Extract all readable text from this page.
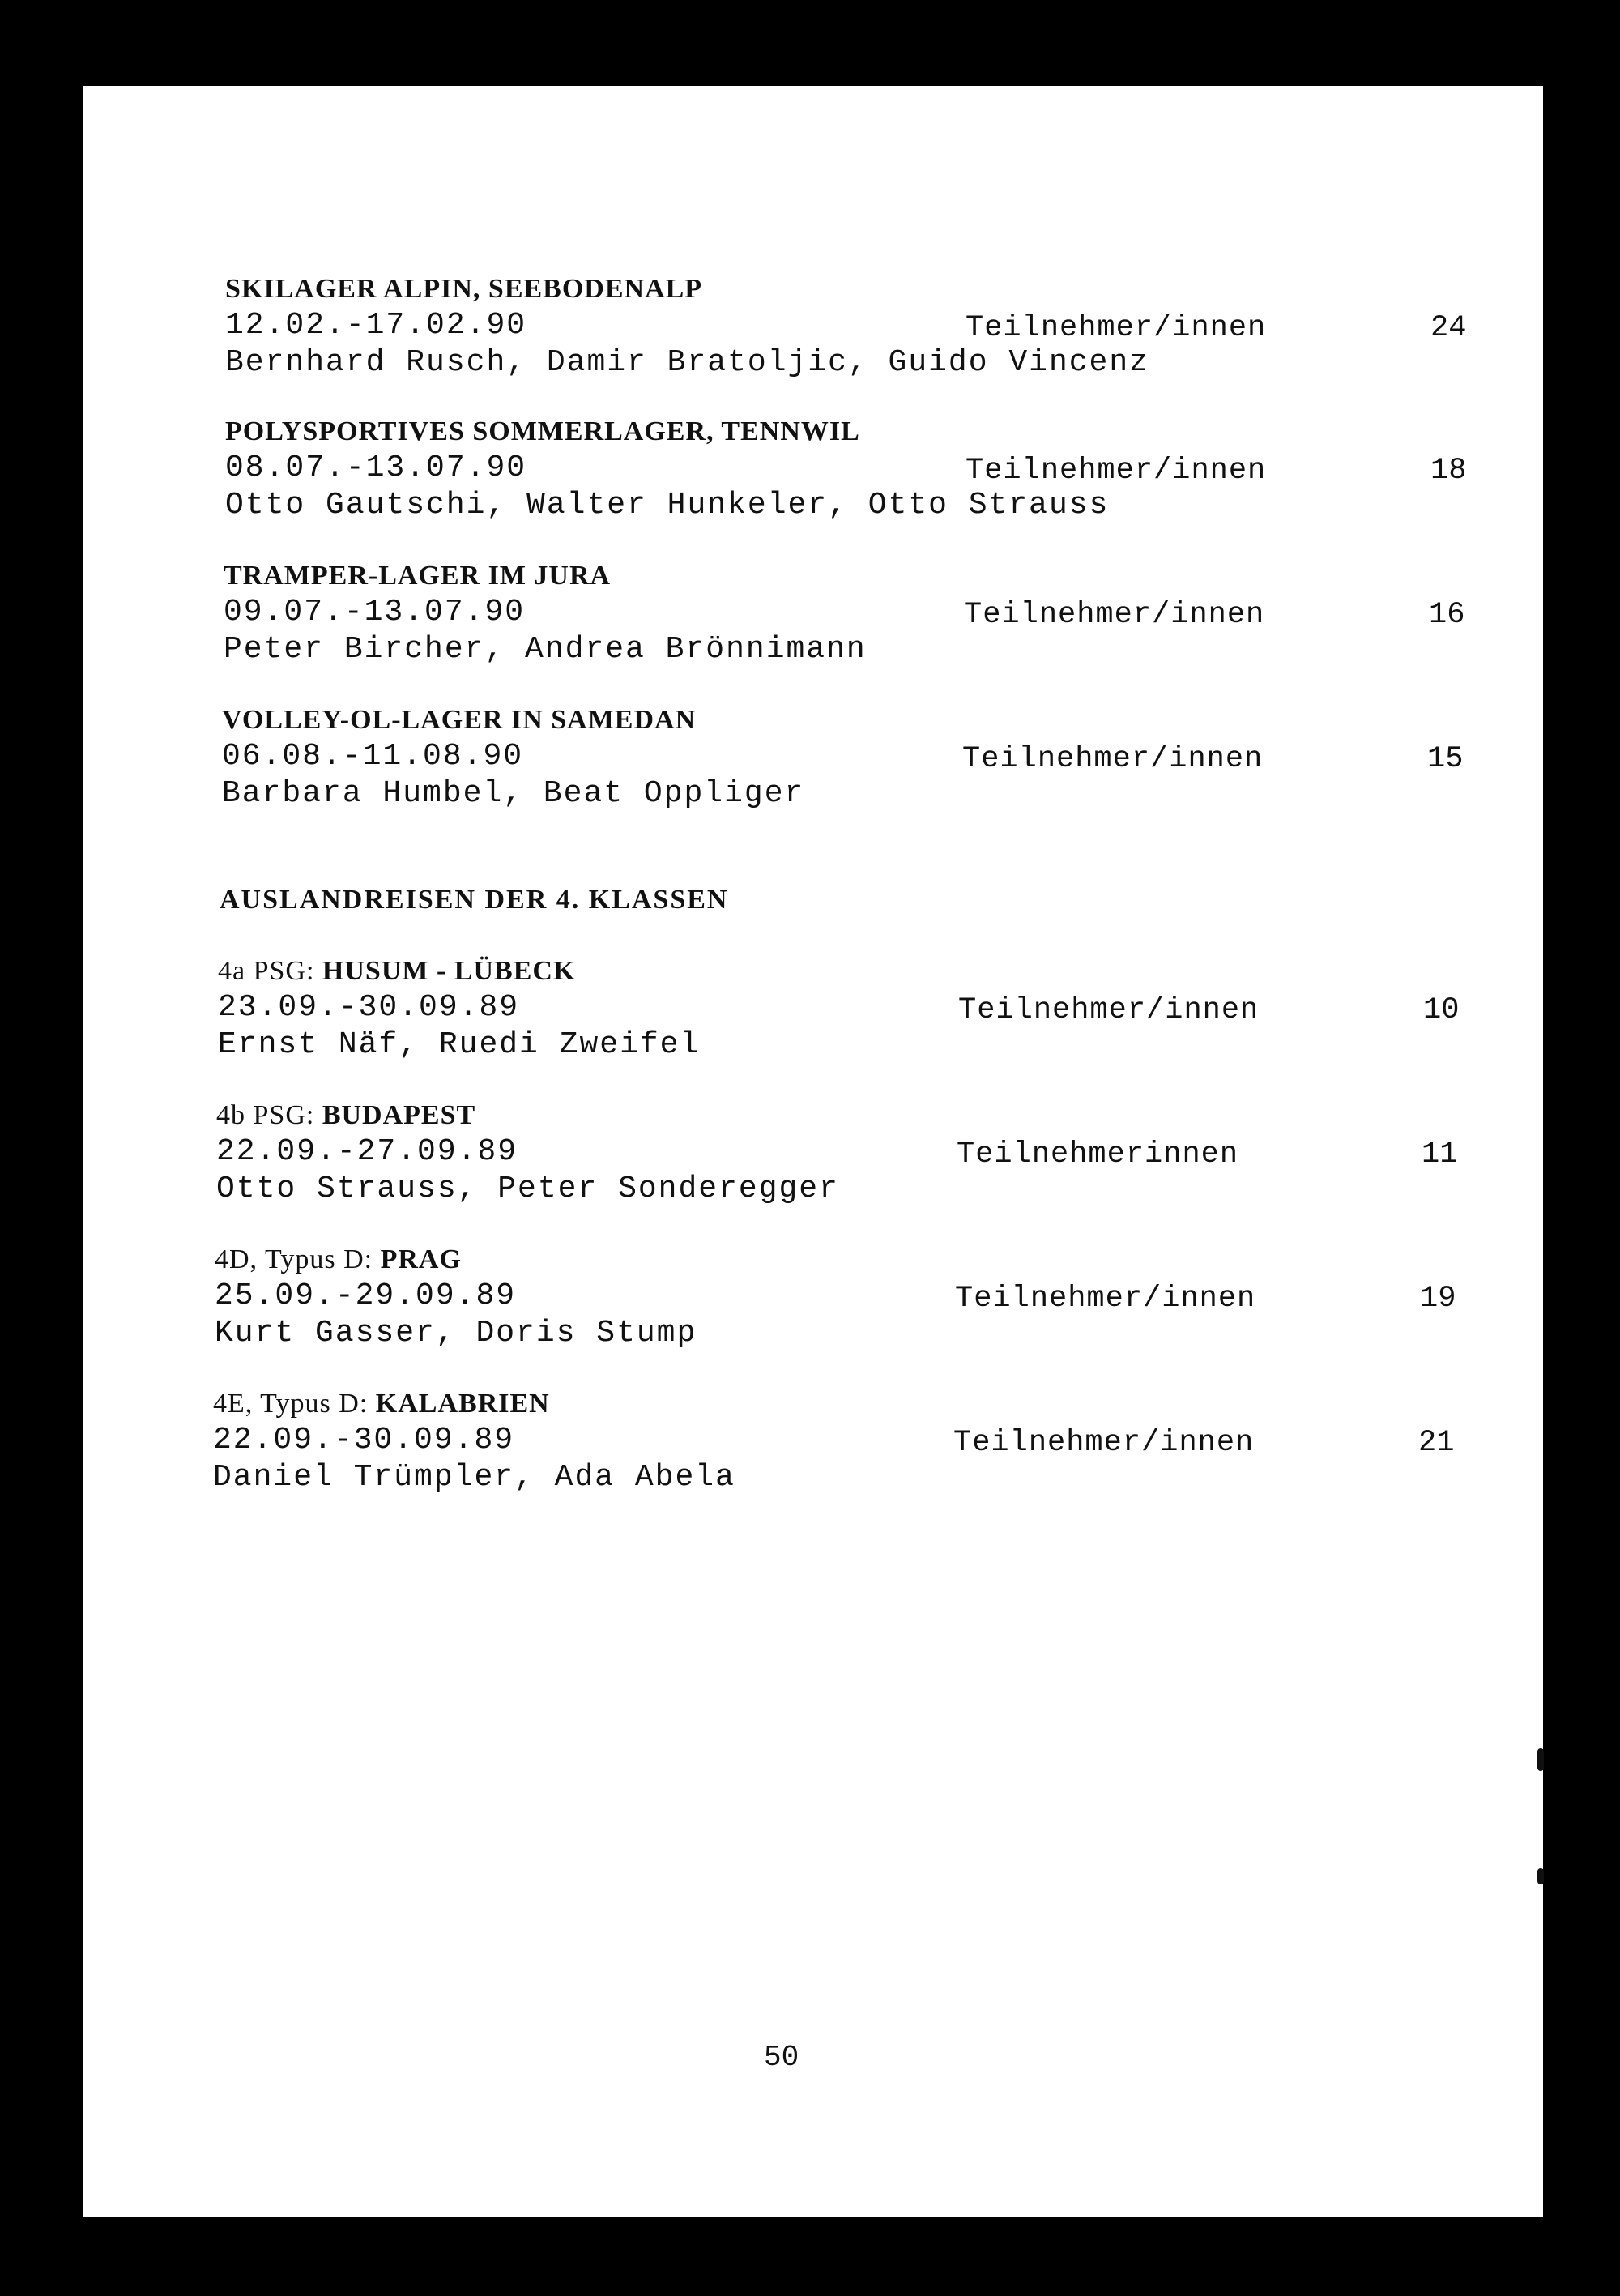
SKILAGER ALPIN, SEEBODENALP
12.02.-17.02.90	Teilnehmer/innen	24
Bernhard Rusch, Damir Bratoljic, Guido Vincenz
POLYSPORTIVES SOMMERLAGER, TENNWIL
08.07.-13.07.90	Teilnehmer/innen	18
Otto Gautschi, Walter Hunkeler, Otto Strauss
TRAMPER-LAGER IM JURA
09.07.-13.07.90	Teilnehmer/innen	16
Peter Bircher, Andrea Brönnimann
VOLLEY-OL-LAGER IN SAMEDAN
06.08.-11.08.90	Teilnehmer/innen	15
Barbara Humbel, Beat Oppliger
AUSLANDREISEN DER 4. KLASSEN
4a PSG: HUSUM - LÜBECK
23.09.-30.09.89	Teilnehmer/innen	10
Ernst Näf, Ruedi Zweifel
4b PSG: BUDAPEST
22.09.-27.09.89	Teilnehmerinnen	11
Otto Strauss, Peter Sonderegger
4D, Typus D: PRAG
25.09.-29.09.89	Teilnehmer/innen	19
Kurt Gasser, Doris Stump
4E, Typus D: KALABRIEN
22.09.-30.09.89	Teilnehmer/innen	21
Daniel Trümpler, Ada Abela
50
